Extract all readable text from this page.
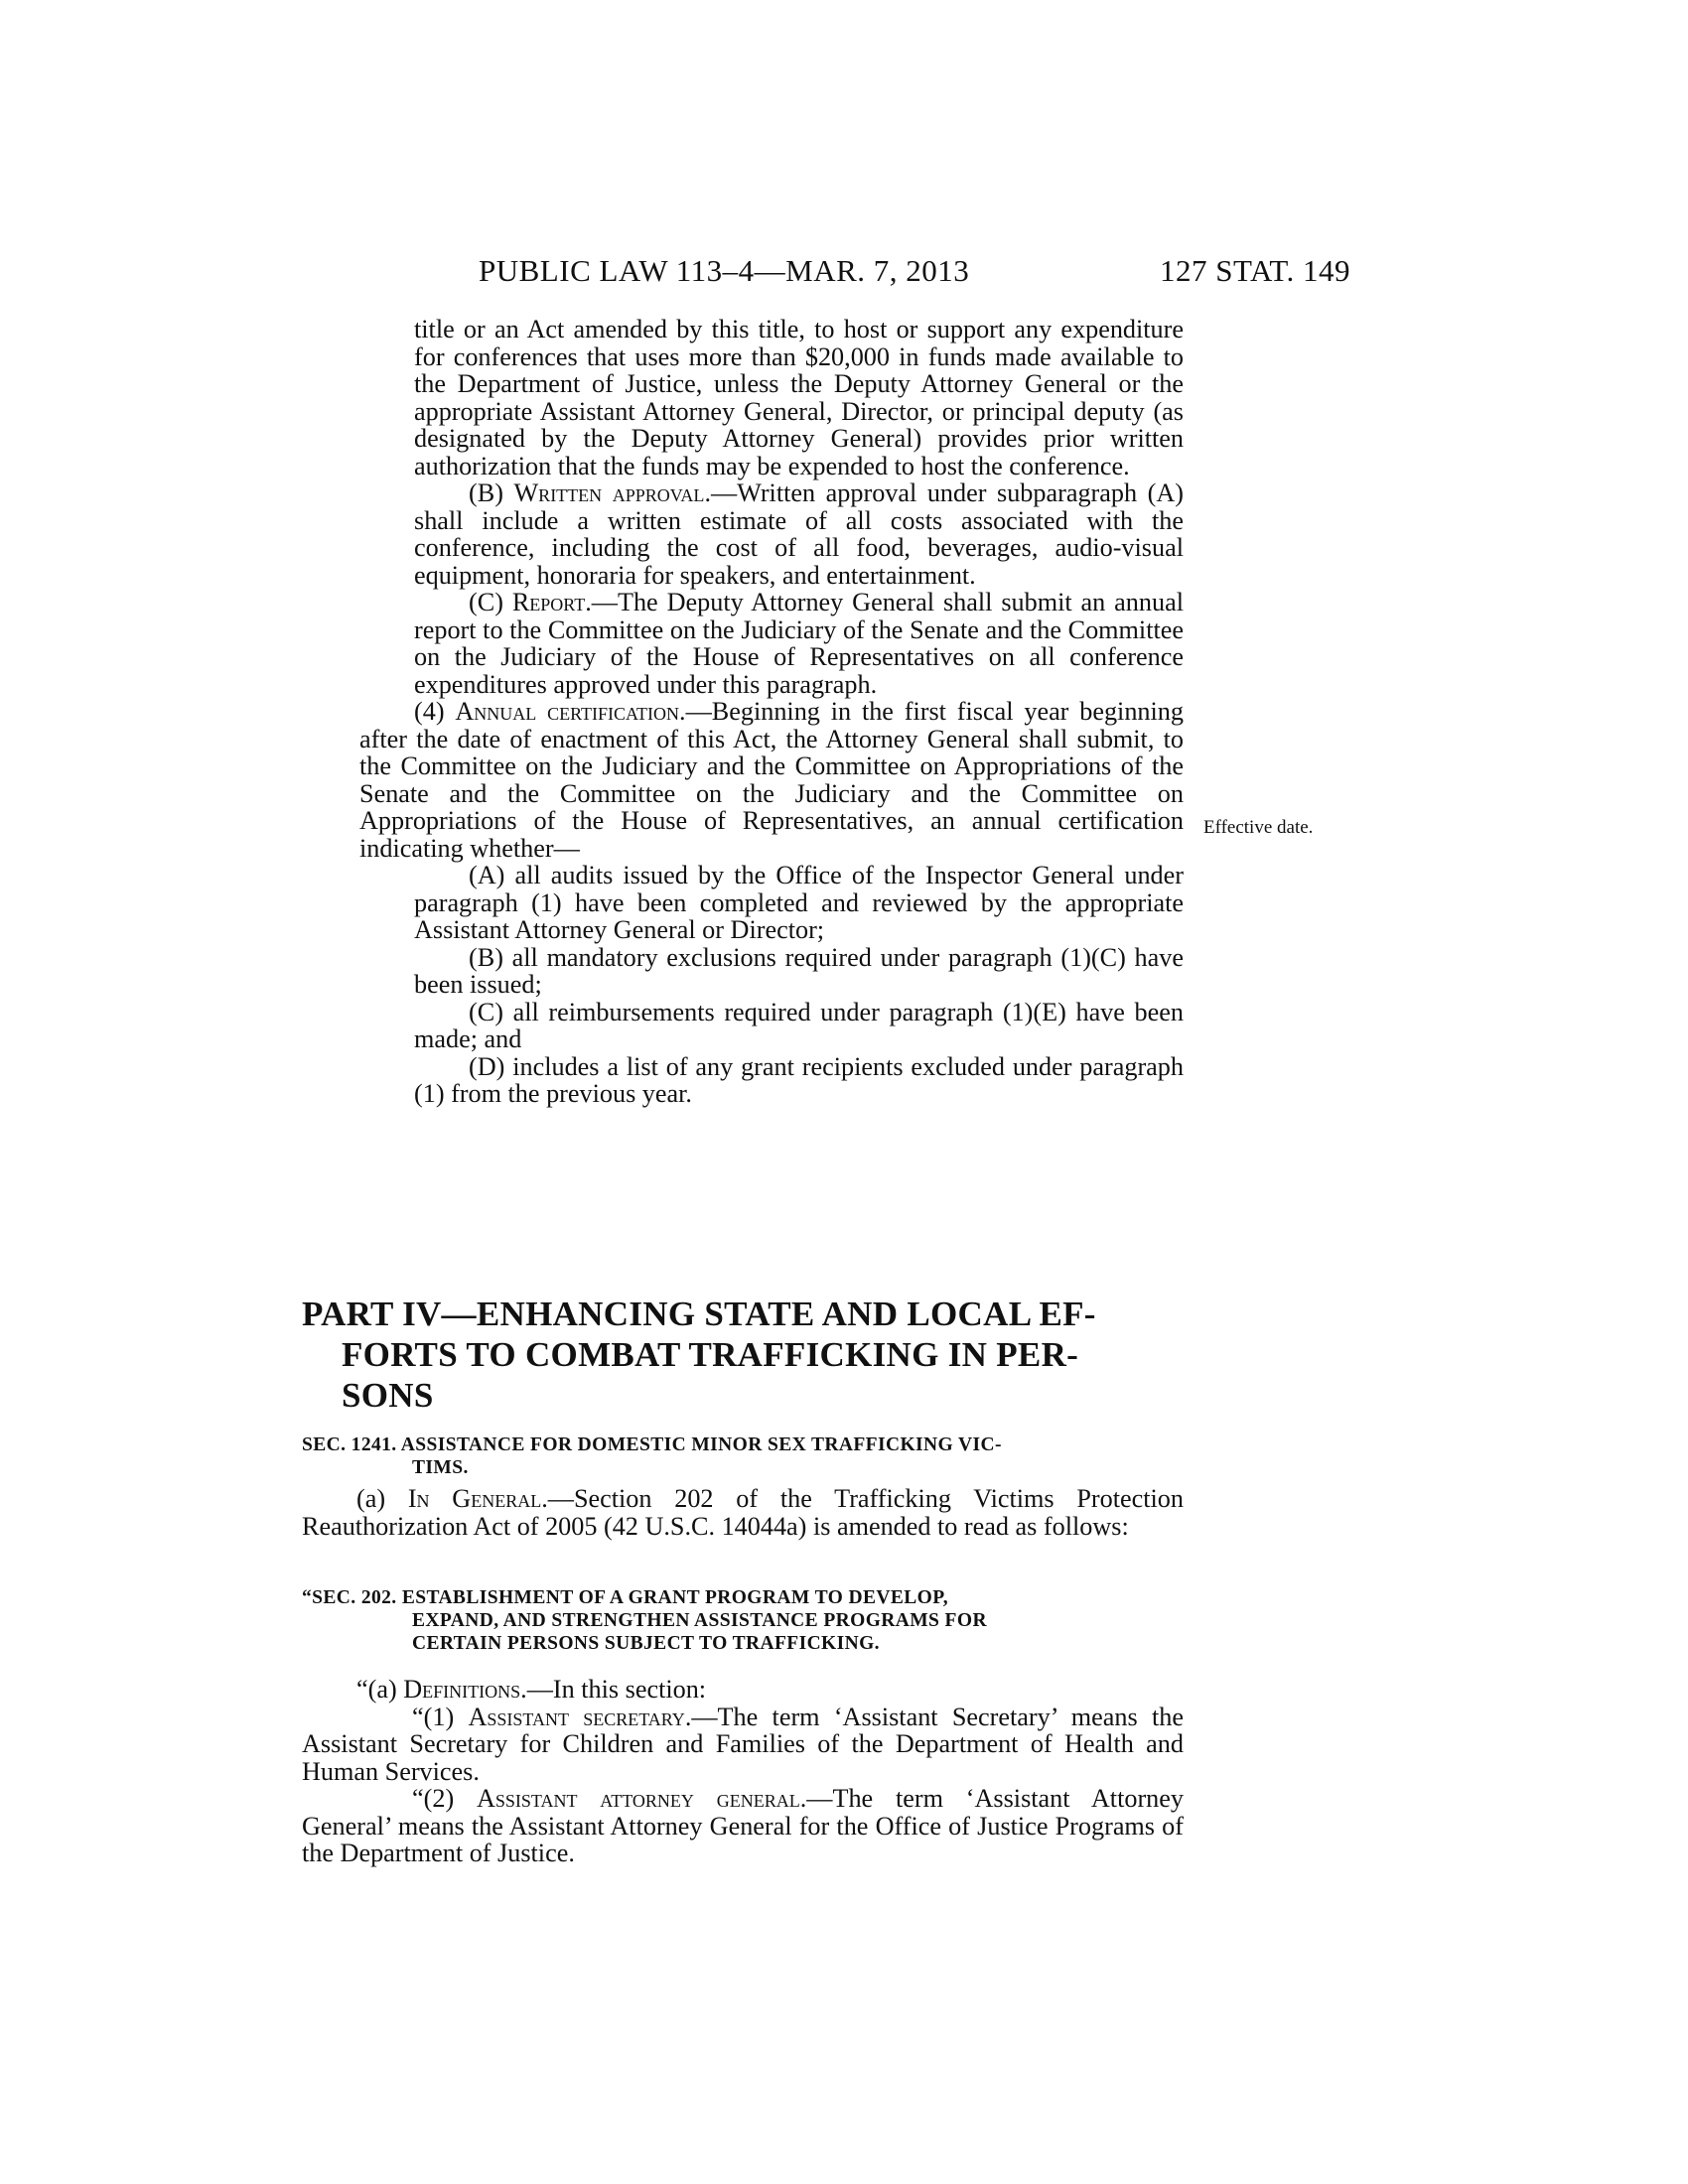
PUBLIC LAW 113–4—MAR. 7, 2013	127 STAT. 149
Effective date.

title or an Act amended by this title, to host or support any expenditure for conferences that uses more than $20,000 in funds made available to the Department of Justice, unless the Deputy Attorney General or the appropriate Assistant Attorney General, Director, or principal deputy (as designated by the Deputy Attorney General) provides prior written authorization that the funds may be expended to host the conference.

(B) Written approval.—Written approval under subparagraph (A) shall include a written estimate of all costs associated with the conference, including the cost of all food, beverages, audio-visual equipment, honoraria for speakers, and entertainment.

(C) Report.—The Deputy Attorney General shall submit an annual report to the Committee on the Judiciary of the Senate and the Committee on the Judiciary of the House of Representatives on all conference expenditures approved under this paragraph.

(4) Annual certification.—Beginning in the first fiscal year beginning after the date of enactment of this Act, the Attorney General shall submit, to the Committee on the Judiciary and the Committee on Appropriations of the Senate and the Committee on the Judiciary and the Committee on Appropriations of the House of Representatives, an annual certification indicating whether—

(A) all audits issued by the Office of the Inspector General under paragraph (1) have been completed and reviewed by the appropriate Assistant Attorney General or Director;

(B) all mandatory exclusions required under paragraph (1)(C) have been issued;

(C) all reimbursements required under paragraph (1)(E) have been made; and

(D) includes a list of any grant recipients excluded under paragraph (1) from the previous year.

PART IV—ENHANCING STATE AND LOCAL EF-
FORTS TO COMBAT TRAFFICKING IN PER-
SONS
SEC. 1241. ASSISTANCE FOR DOMESTIC MINOR SEX TRAFFICKING VIC-
TIMS.

(a) In General.—Section 202 of the Trafficking Victims Protection Reauthorization Act of 2005 (42 U.S.C. 14044a) is amended to read as follows:

“SEC. 202. ESTABLISHMENT OF A GRANT PROGRAM TO DEVELOP,
EXPAND, AND STRENGTHEN ASSISTANCE PROGRAMS FOR
CERTAIN PERSONS SUBJECT TO TRAFFICKING.

“(a) Definitions.—In this section:

“(1) Assistant secretary.—The term ‘Assistant Secretary’ means the Assistant Secretary for Children and Families of the Department of Health and Human Services.

“(2) Assistant attorney general.—The term ‘Assistant Attorney General’ means the Assistant Attorney General for the Office of Justice Programs of the Department of Justice.
